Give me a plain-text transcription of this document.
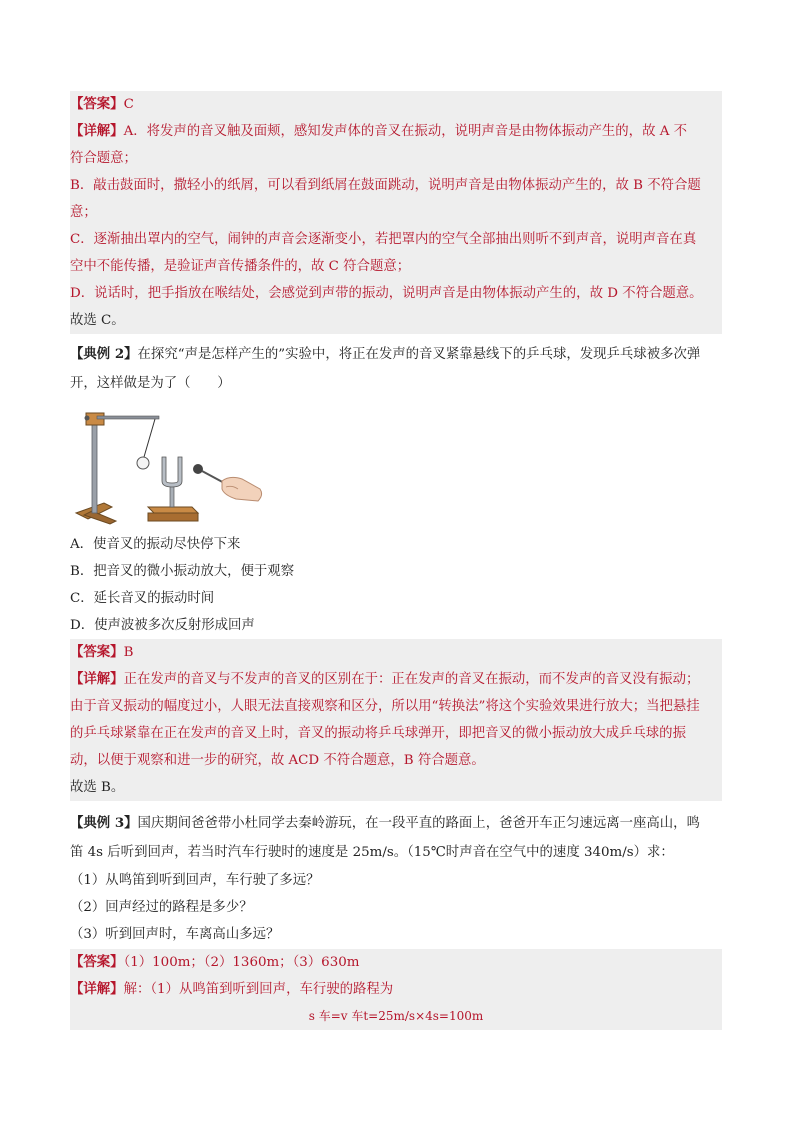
【答案】C
【详解】A．将发声的音叉触及面颊，感知发声体的音叉在振动，说明声音是由物体振动产生的，故 A 不
符合题意；
B．敲击鼓面时，撒轻小的纸屑，可以看到纸屑在鼓面跳动，说明声音是由物体振动产生的，故 B 不符合题
意；
C．逐渐抽出罩内的空气，闹钟的声音会逐渐变小，若把罩内的空气全部抽出则听不到声音，说明声音在真
空中不能传播，是验证声音传播条件的，故 C 符合题意；
D．说话时，把手指放在喉结处，会感觉到声带的振动，说明声音是由物体振动产生的，故 D 不符合题意。
故选 C。
【典例 2】在探究“声是怎样产生的”实验中，将正在发声的音叉紧靠悬线下的乒乓球，发现乒乓球被多次弹
开，这样做是为了（　　）
A．使音叉的振动尽快停下来
B．把音叉的微小振动放大，便于观察
C．延长音叉的振动时间
D．使声波被多次反射形成回声
【答案】B
【详解】正在发声的音叉与不发声的音叉的区别在于：正在发声的音叉在振动，而不发声的音叉没有振动；
由于音叉振动的幅度过小，人眼无法直接观察和区分，所以用“转换法”将这个实验效果进行放大；当把悬挂
的乒乓球紧靠在正在发声的音叉上时，音叉的振动将乒乓球弹开，即把音叉的微小振动放大成乒乓球的振
动，以便于观察和进一步的研究，故 ACD 不符合题意，B 符合题意。
故选 B。
【典例 3】国庆期间爸爸带小杜同学去秦岭游玩，在一段平直的路面上，爸爸开车正匀速远离一座高山，鸣
笛 4s 后听到回声，若当时汽车行驶时的速度是 25m/s。（15℃时声音在空气中的速度 340m/s）求：
（1）从鸣笛到听到回声，车行驶了多远？
（2）回声经过的路程是多少？
（3）听到回声时，车离高山多远？
【答案】（1）100m；（2）1360m；（3）630m
【详解】解：（1）从鸣笛到听到回声，车行驶的路程为
s 车=v 车t=25m/s×4s=100m
